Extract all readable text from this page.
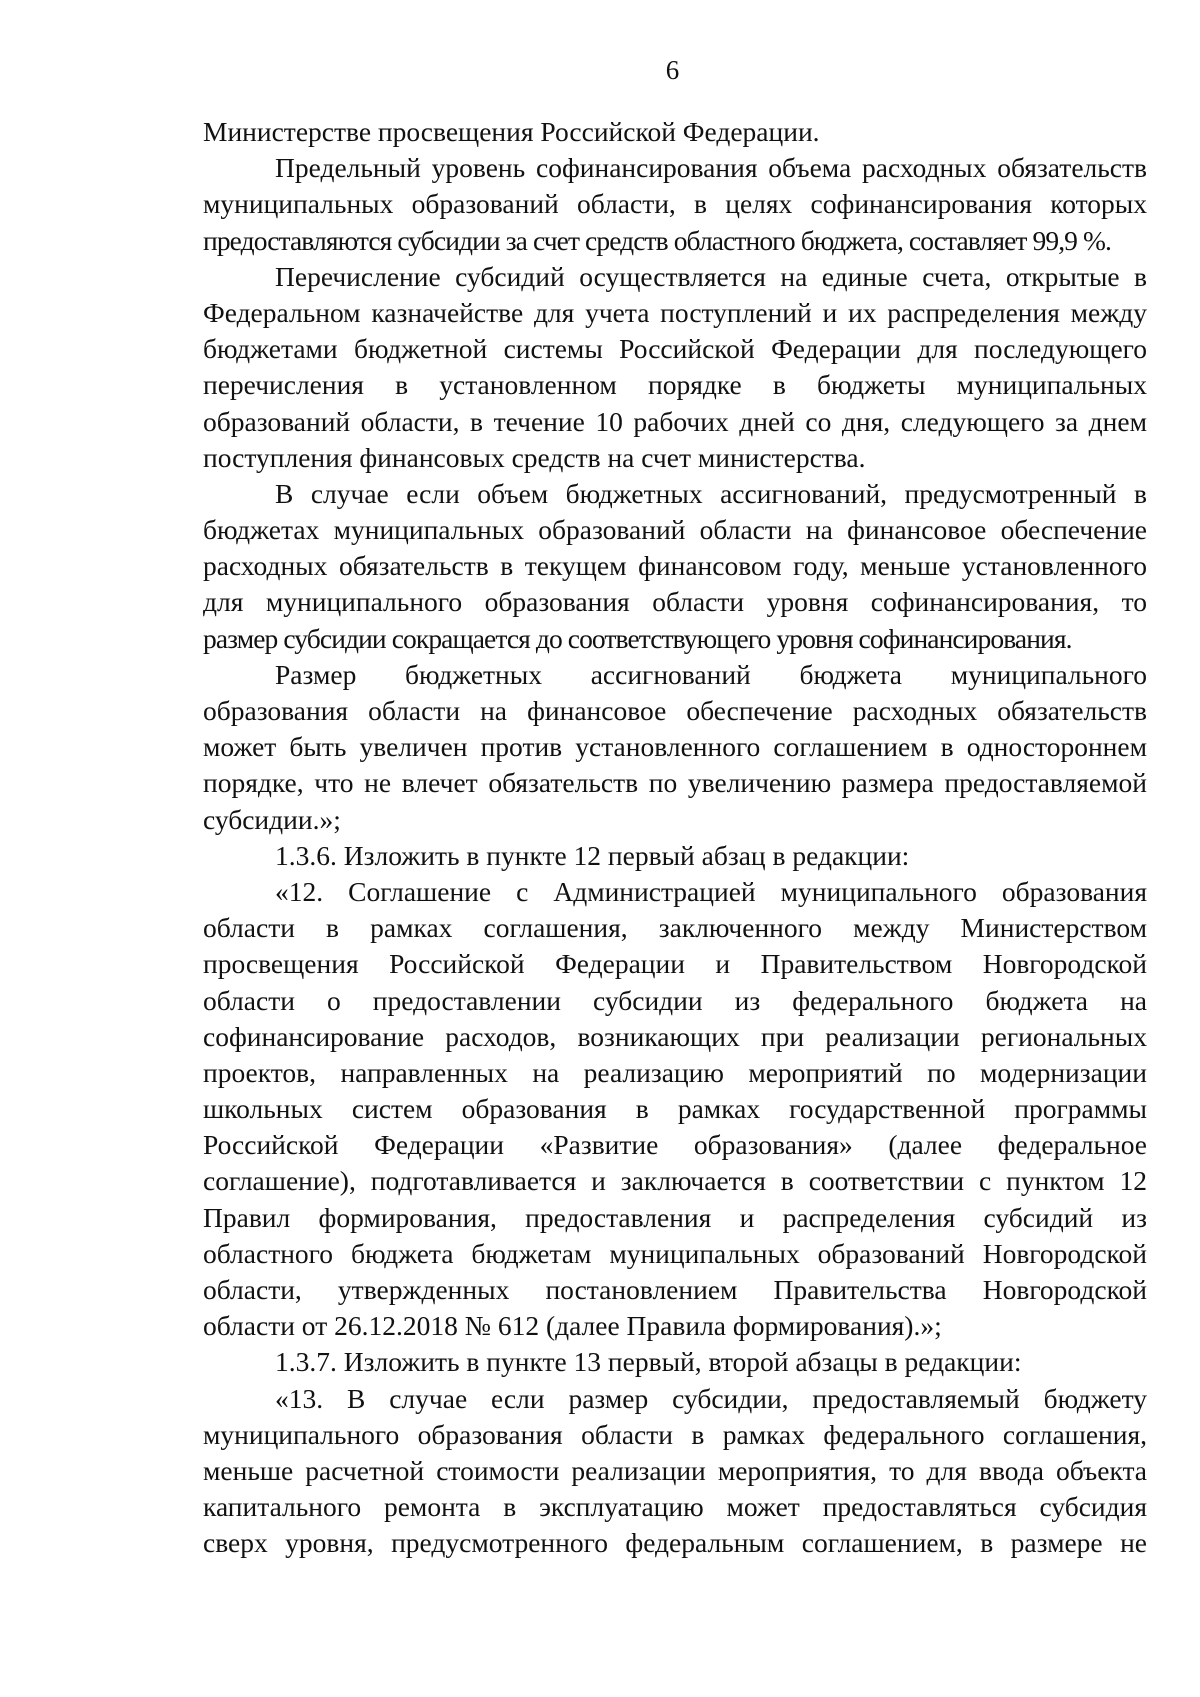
6
Министерстве просвещения Российской Федерации.
Предельный уровень софинансирования объема расходных обязательств
муниципальных образований области, в целях софинансирования которых
предоставляются субсидии за счет средств областного бюджета, составляет 99,9 %.
Перечисление субсидий осуществляется на единые счета, открытые в
Федеральном казначействе для учета поступлений и их распределения между
бюджетами бюджетной системы Российской Федерации для последующего
перечисления в установленном порядке в бюджеты муниципальных
образований области, в течение 10 рабочих дней со дня, следующего за днем
поступления финансовых средств на счет министерства.
В случае если объем бюджетных ассигнований, предусмотренный в
бюджетах муниципальных образований области на финансовое обеспечение
расходных обязательств в текущем финансовом году, меньше установленного
для муниципального образования области уровня софинансирования, то
размер субсидии сокращается до соответствующего уровня софинансирования.
Размер бюджетных ассигнований бюджета муниципального
образования области на финансовое обеспечение расходных обязательств
может быть увеличен против установленного соглашением в одностороннем
порядке, что не влечет обязательств по увеличению размера предоставляемой
субсидии.»;
1.3.6. Изложить в пункте 12 первый абзац в редакции:
«12. Соглашение с Администрацией муниципального образования
области в рамках соглашения, заключенного между Министерством
просвещения Российской Федерации и Правительством Новгородской
области о предоставлении субсидии из федерального бюджета на
софинансирование расходов, возникающих при реализации региональных
проектов, направленных на реализацию мероприятий по модернизации
школьных систем образования в рамках государственной программы
Российской Федерации «Развитие образования» (далее федеральное
соглашение), подготавливается и заключается в соответствии с пунктом 12
Правил формирования, предоставления и распределения субсидий из
областного бюджета бюджетам муниципальных образований Новгородской
области, утвержденных постановлением Правительства Новгородской
области от 26.12.2018 № 612 (далее Правила формирования).»;
1.3.7. Изложить в пункте 13 первый, второй абзацы в редакции:
«13. В случае если размер субсидии, предоставляемый бюджету
муниципального образования области в рамках федерального соглашения,
меньше расчетной стоимости реализации мероприятия, то для ввода объекта
капитального ремонта в эксплуатацию может предоставляться субсидия
сверх уровня, предусмотренного федеральным соглашением, в размере не
